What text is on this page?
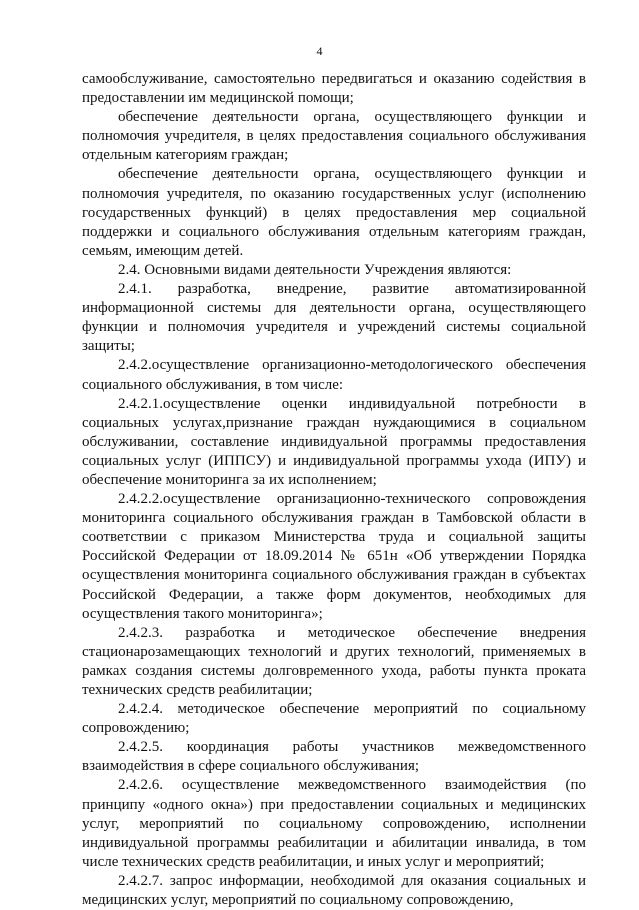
4

самообслуживание, самостоятельно передвигаться и оказанию содействия в предоставлении им медицинской помощи;

обеспечение деятельности органа, осуществляющего функции и полномочия учредителя, в целях предоставления социального обслуживания отдельным категориям граждан;

обеспечение деятельности органа, осуществляющего функции и полномочия учредителя, по оказанию государственных услуг (исполнению государственных функций) в целях предоставления мер социальной поддержки и социального обслуживания отдельным категориям граждан, семьям, имеющим детей.

2.4. Основными видами деятельности Учреждения являются:

2.4.1. разработка, внедрение, развитие автоматизированной информационной системы для деятельности органа, осуществляющего функции и полномочия учредителя и учреждений системы социальной защиты;

2.4.2.осуществление организационно-методологического обеспечения социального обслуживания, в том числе:

2.4.2.1.осуществление оценки индивидуальной потребности в социальных услугах,признание граждан нуждающимися в социальном обслуживании, составление индивидуальной программы предоставления социальных услуг (ИППСУ) и индивидуальной программы ухода (ИПУ) и обеспечение мониторинга за их исполнением;

2.4.2.2.осуществление организационно-технического сопровождения мониторинга социального обслуживания граждан в Тамбовской области в соответствии с приказом Министерства труда и социальной защиты Российской Федерации от 18.09.2014 № 651н «Об утверждении Порядка осуществления мониторинга социального обслуживания граждан в субъектах Российской Федерации, а также форм документов, необходимых для осуществления такого мониторинга»;

2.4.2.3. разработка и методическое обеспечение внедрения стационарозамещающих технологий и других технологий, применяемых в рамках создания системы долговременного ухода, работы пункта проката технических средств реабилитации;

2.4.2.4. методическое обеспечение мероприятий по социальному сопровождению;

2.4.2.5. координация работы участников межведомственного взаимодействия в сфере социального обслуживания;

2.4.2.6. осуществление межведомственного взаимодействия (по принципу «одного окна») при предоставлении социальных и медицинских услуг, мероприятий по социальному сопровождению, исполнении индивидуальной программы реабилитации и абилитации инвалида, в том числе технических средств реабилитации, и иных услуг и мероприятий;

2.4.2.7. запрос информации, необходимой для оказания социальных и медицинских услуг, мероприятий по социальному сопровождению,
